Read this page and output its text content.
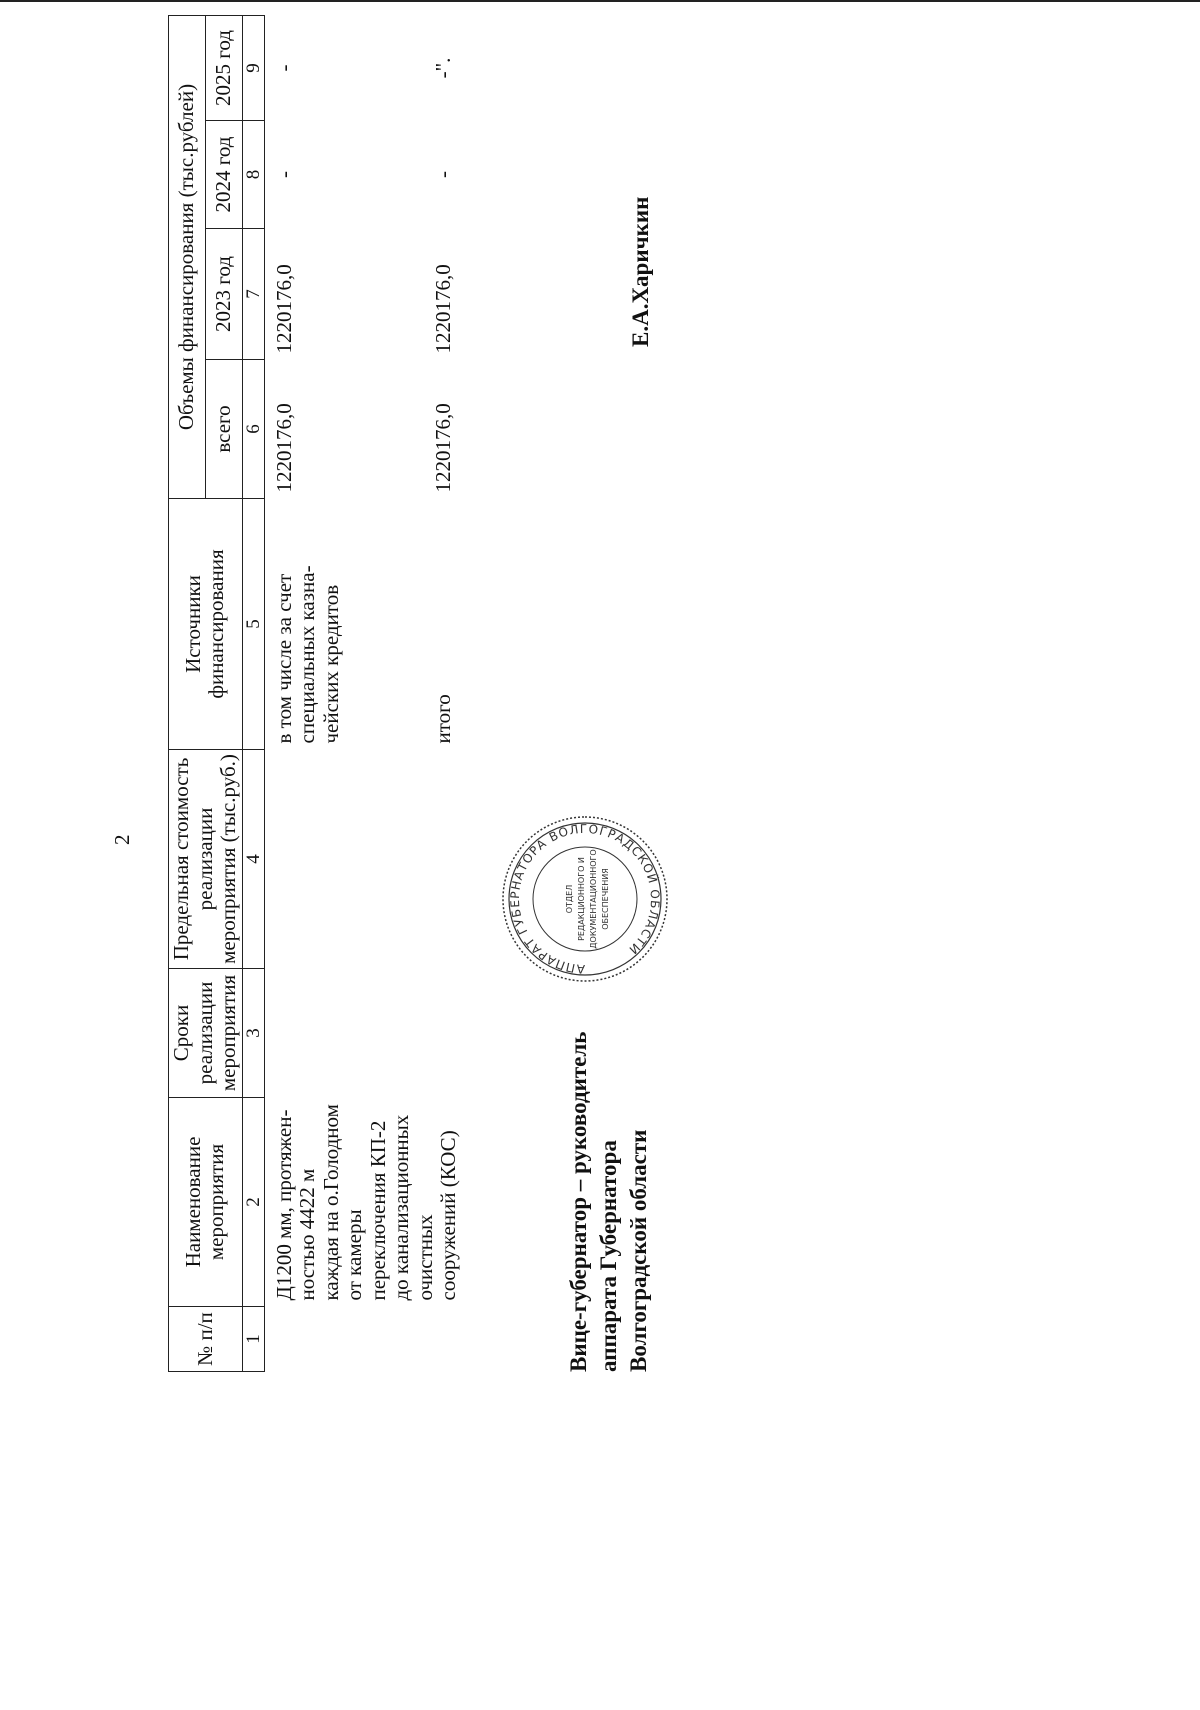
2
№ п/п	Наименование мероприятия	Сроки реализации мероприятия	Предельная стоимость реализации мероприятия (тыс.руб.)	Источники финансирования	Объемы финансирования (тыс.рублей)			
					всего	2023 год	2024 год	2025 год
1	2	3	4	5	6	7	8	9
	Д1200 мм, протяжен-ностью 4422 м каждая на о.Голодном от камеры переключения КП-2 до канализационных очистных сооружений (КОС)			в том числе за счет специальных казна-чейских кредитов	1220176,0	1220176,0	-	-

				итого	1220176,0	1220176,0	-	-".
Вице-губернатор – руководитель аппарата Губернатора Волгоградской области
Е.А.Харичкин
АППАРАТ ГУБЕРНАТОРА ВОЛГОГРАДСКОЙ ОБЛАСТИ
ОТДЕЛ РЕДАКЦИОННОГО И ДОКУМЕНТАЦИОННОГО ОБЕСПЕЧЕНИЯ
